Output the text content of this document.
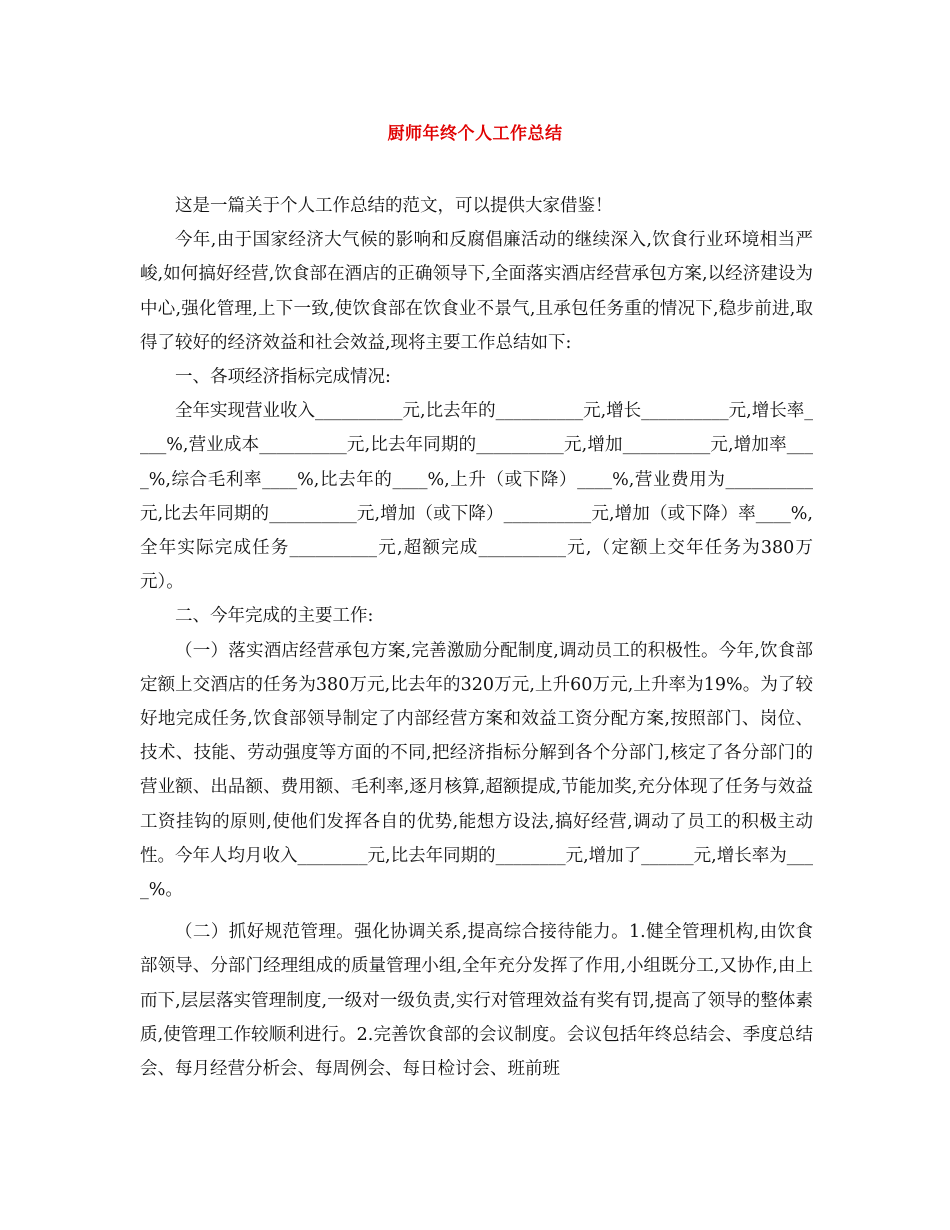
厨师年终个人工作总结

这是一篇关于个人工作总结的范文，可以提供大家借鉴！

今年,由于国家经济大气候的影响和反腐倡廉活动的继续深入,饮食行业环境相当严峻,如何搞好经营,饮食部在酒店的正确领导下,全面落实酒店经营承包方案,以经济建设为中心,强化管理,上下一致,使饮食部在饮食业不景气,且承包任务重的情况下,稳步前进,取得了较好的经济效益和社会效益,现将主要工作总结如下:

一、各项经济指标完成情况:

全年实现营业收入__________元,比去年的__________元,增长__________元,增长率____%,营业成本__________元,比去年同期的__________元,增加__________元,增加率____%,综合毛利率____%,比去年的____%,上升（或下降）____%,营业费用为__________元,比去年同期的__________元,增加（或下降）__________元,增加（或下降）率____%,全年实际完成任务__________元,超额完成__________元,（定额上交年任务为380万元）。

二、今年完成的主要工作:

（一）落实酒店经营承包方案,完善激励分配制度,调动员工的积极性。今年,饮食部定额上交酒店的任务为380万元,比去年的320万元,上升60万元,上升率为19%。为了较好地完成任务,饮食部领导制定了内部经营方案和效益工资分配方案,按照部门、岗位、技术、技能、劳动强度等方面的不同,把经济指标分解到各个分部门,核定了各分部门的营业额、出品额、费用额、毛利率,逐月核算,超额提成,节能加奖,充分体现了任务与效益工资挂钩的原则,使他们发挥各自的优势,能想方设法,搞好经营,调动了员工的积极主动性。今年人均月收入________元,比去年同期的________元,增加了______元,增长率为____%。

（二）抓好规范管理。强化协调关系,提高综合接待能力。1.健全管理机构,由饮食部领导、分部门经理组成的质量管理小组,全年充分发挥了作用,小组既分工,又协作,由上而下,层层落实管理制度,一级对一级负责,实行对管理效益有奖有罚,提高了领导的整体素质,使管理工作较顺利进行。2.完善饮食部的会议制度。会议包括年终总结会、季度总结会、每月经营分析会、每周例会、每日检讨会、班前班
